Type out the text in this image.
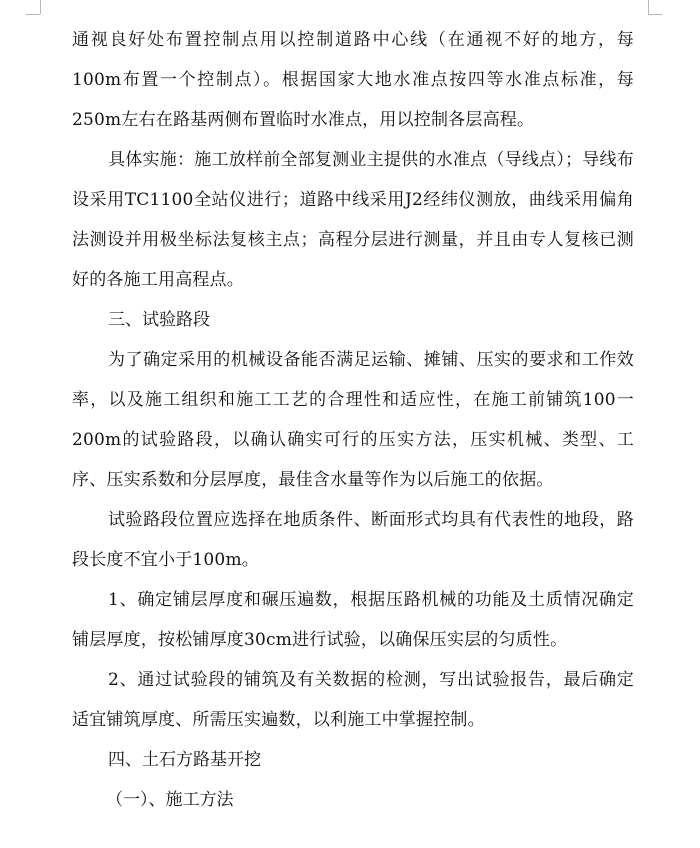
通视良好处布置控制点用以控制道路中心线（在通视不好的地方，每100m布置一个控制点）。根据国家大地水准点按四等水准点标准，每250m左右在路基两侧布置临时水准点，用以控制各层高程。

具体实施：施工放样前全部复测业主提供的水准点（导线点）；导线布设采用TC1100全站仪进行；道路中线采用J2经纬仪测放，曲线采用偏角法测设并用极坐标法复核主点；高程分层进行测量，并且由专人复核已测好的各施工用高程点。

三、试验路段

为了确定采用的机械设备能否满足运输、摊铺、压实的要求和工作效率，以及施工组织和施工工艺的合理性和适应性，在施工前铺筑100一200m的试验路段，以确认确实可行的压实方法，压实机械、类型、工序、压实系数和分层厚度，最佳含水量等作为以后施工的依据。

试验路段位置应选择在地质条件、断面形式均具有代表性的地段，路段长度不宜小于100m。

1、确定铺层厚度和碾压遍数，根据压路机械的功能及土质情况确定铺层厚度，按松铺厚度30cm进行试验，以确保压实层的匀质性。

2、通过试验段的铺筑及有关数据的检测，写出试验报告，最后确定适宜铺筑厚度、所需压实遍数，以利施工中掌握控制。

四、土石方路基开挖

（一）、施工方法
